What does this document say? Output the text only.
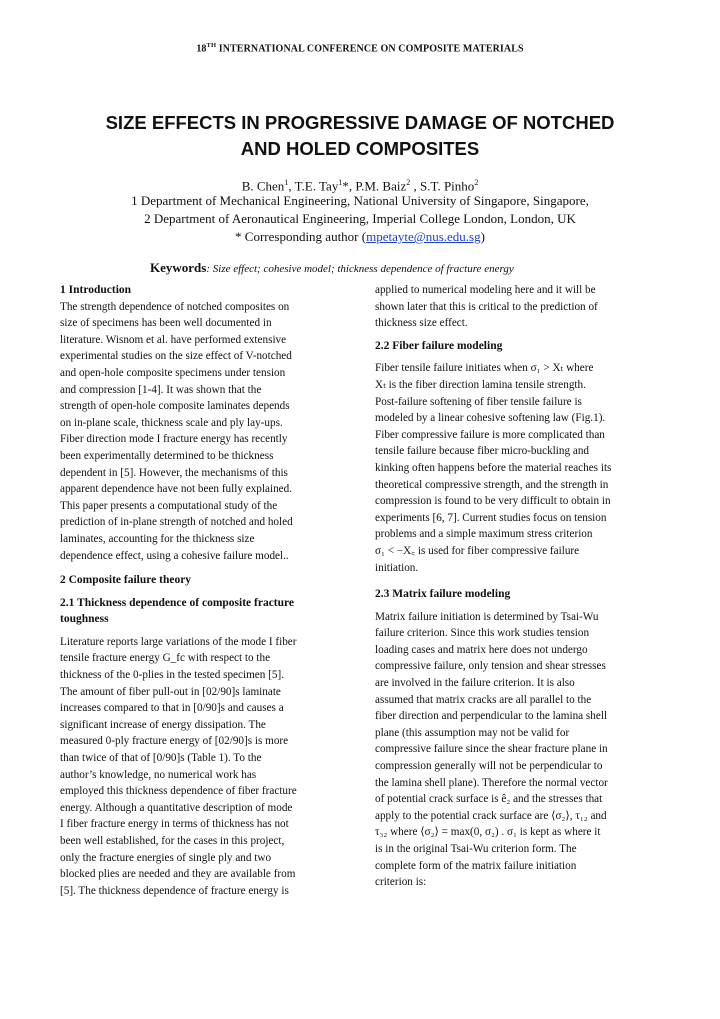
18TH INTERNATIONAL CONFERENCE ON COMPOSITE MATERIALS
SIZE EFFECTS IN PROGRESSIVE DAMAGE OF NOTCHED
AND HOLED COMPOSITES
B. Chen$^1$, T.E. Tay$^1$*, P.M. Baiz$^2$ , S.T. Pinho$^2$
1 Department of Mechanical Engineering, National University of Singapore, Singapore,
2 Department of Aeronautical Engineering, Imperial College London, London, UK
* Corresponding author (mpetayte@nus.edu.sg)
Keywords: Size effect; cohesive model; thickness dependence of fracture energy
1 Introduction
The strength dependence of notched composites on
size of specimens has been well documented in
literature. Wisnom et al. have performed extensive
experimental studies on the size effect of V-notched
and open-hole composite specimens under tension
and compression [1-4]. It was shown that the
strength of open-hole composite laminates depends
on in-plane scale, thickness scale and ply lay-ups.
Fiber direction mode I fracture energy has recently
been experimentally determined to be thickness
dependent in [5]. However, the mechanisms of this
apparent dependence have not been fully explained.
This paper presents a computational study of the
prediction of in-plane strength of notched and holed
laminates, accounting for the thickness size
dependence effect, using a cohesive failure model..
2 Composite failure theory
2.1 Thickness dependence of composite fracture
toughness
Literature reports large variations of the mode I fiber
tensile fracture energy G_fc with respect to the
thickness of the 0-plies in the tested specimen [5].
The amount of fiber pull-out in [02/90]s laminate
increases compared to that in [0/90]s and causes a
significant increase of energy dissipation. The
measured 0-ply fracture energy of [02/90]s is more
than twice of that of [0/90]s (Table 1). To the
author’s knowledge, no numerical work has
employed this thickness dependence of fiber fracture
energy. Although a quantitative description of mode
I fiber fracture energy in terms of thickness has not
been well established, for the cases in this project,
only the fracture energies of single ply and two
blocked plies are needed and they are available from
[5]. The thickness dependence of fracture energy is
applied to numerical modeling here and it will be
shown later that this is critical to the prediction of
thickness size effect.
2.2 Fiber failure modeling
Fiber tensile failure initiates when σ₁ > Xₜ where
Xₜ is the fiber direction lamina tensile strength.
Post-failure softening of fiber tensile failure is
modeled by a linear cohesive softening law (Fig.1).
Fiber compressive failure is more complicated than
tensile failure because fiber micro-buckling and
kinking often happens before the material reaches its
theoretical compressive strength, and the strength in
compression is found to be very difficult to obtain in
experiments [6, 7]. Current studies focus on tension
problems and a simple maximum stress criterion
σ₁ < −X꜀ is used for fiber compressive failure
initiation.
2.3 Matrix failure modeling
Matrix failure initiation is determined by Tsai-Wu
failure criterion. Since this work studies tension
loading cases and matrix here does not undergo
compressive failure, only tension and shear stresses
are involved in the failure criterion. It is also
assumed that matrix cracks are all parallel to the
fiber direction and perpendicular to the lamina shell
plane (this assumption may not be valid for
compressive failure since the shear fracture plane in
compression generally will not be perpendicular to
the lamina shell plane). Therefore the normal vector
of potential crack surface is ê₂ and the stresses that
apply to the potential crack surface are ⟨σ₂⟩, τ₁₂ and
τ₃₂ where ⟨σ₂⟩ = max(0, σ₂) . σ₁ is kept as where it
is in the original Tsai-Wu criterion form. The
complete form of the matrix failure initiation
criterion is:
